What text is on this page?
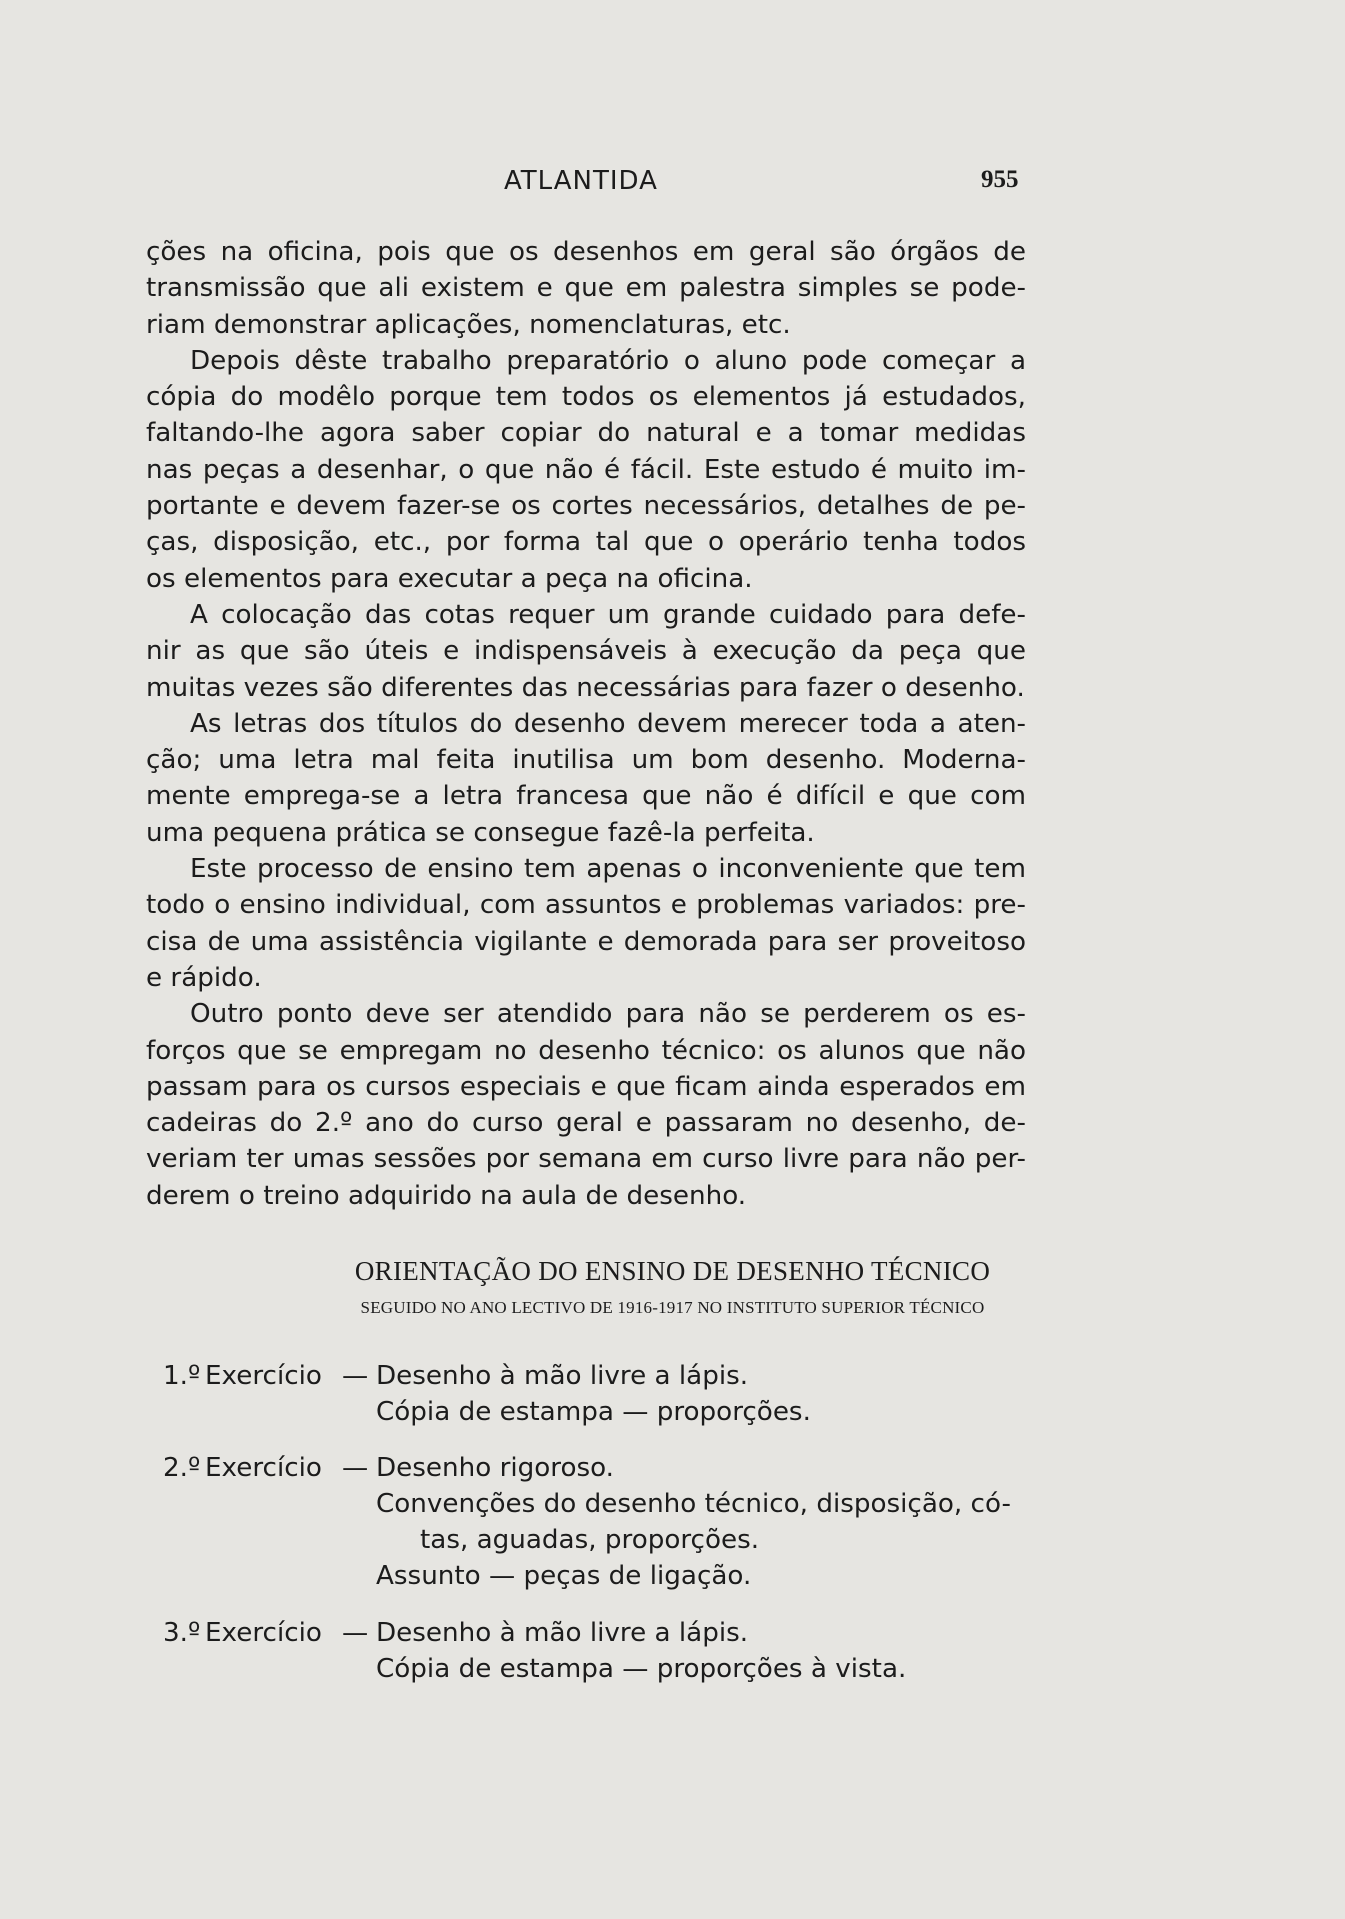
ATLANTIDA	955
ções na oficina, pois que os desenhos em geral são órgãos de
transmissão que ali existem e que em palestra simples se pode-
riam demonstrar aplicações, nomenclaturas, etc.
Depois dêste trabalho preparatório o aluno pode começar a
cópia do modêlo porque tem todos os elementos já estudados,
faltando-lhe agora saber copiar do natural e a tomar medidas
nas peças a desenhar, o que não é fácil. Este estudo é muito im-
portante e devem fazer-se os cortes necessários, detalhes de pe-
ças, disposição, etc., por forma tal que o operário tenha todos
os elementos para executar a peça na oficina.
A colocação das cotas requer um grande cuidado para defe-
nir as que são úteis e indispensáveis à execução da peça que
muitas vezes são diferentes das necessárias para fazer o desenho.
As letras dos títulos do desenho devem merecer toda a aten-
ção; uma letra mal feita inutilisa um bom desenho. Moderna-
mente emprega-se a letra francesa que não é difícil e que com
uma pequena prática se consegue fazê-la perfeita.
Este processo de ensino tem apenas o inconveniente que tem
todo o ensino individual, com assuntos e problemas variados: pre-
cisa de uma assistência vigilante e demorada para ser proveitoso
e rápido.
Outro ponto deve ser atendido para não se perderem os es-
forços que se empregam no desenho técnico: os alunos que não
passam para os cursos especiais e que ficam ainda esperados em
cadeiras do 2.º ano do curso geral e passaram no desenho, de-
veriam ter umas sessões por semana em curso livre para não per-
derem o treino adquirido na aula de desenho.
ORIENTAÇÃO DO ENSINO DE DESENHO TÉCNICO
SEGUIDO NO ANO LECTIVO DE 1916-1917 NO INSTITUTO SUPERIOR TÉCNICO
1.º Exercício — Desenho à mão livre a lápis.
Cópia de estampa — proporções.
2.º Exercício — Desenho rigoroso.
Convenções do desenho técnico, disposição, có-
tas, aguadas, proporções.
Assunto — peças de ligação.
3.º Exercício — Desenho à mão livre a lápis.
Cópia de estampa — proporções à vista.
